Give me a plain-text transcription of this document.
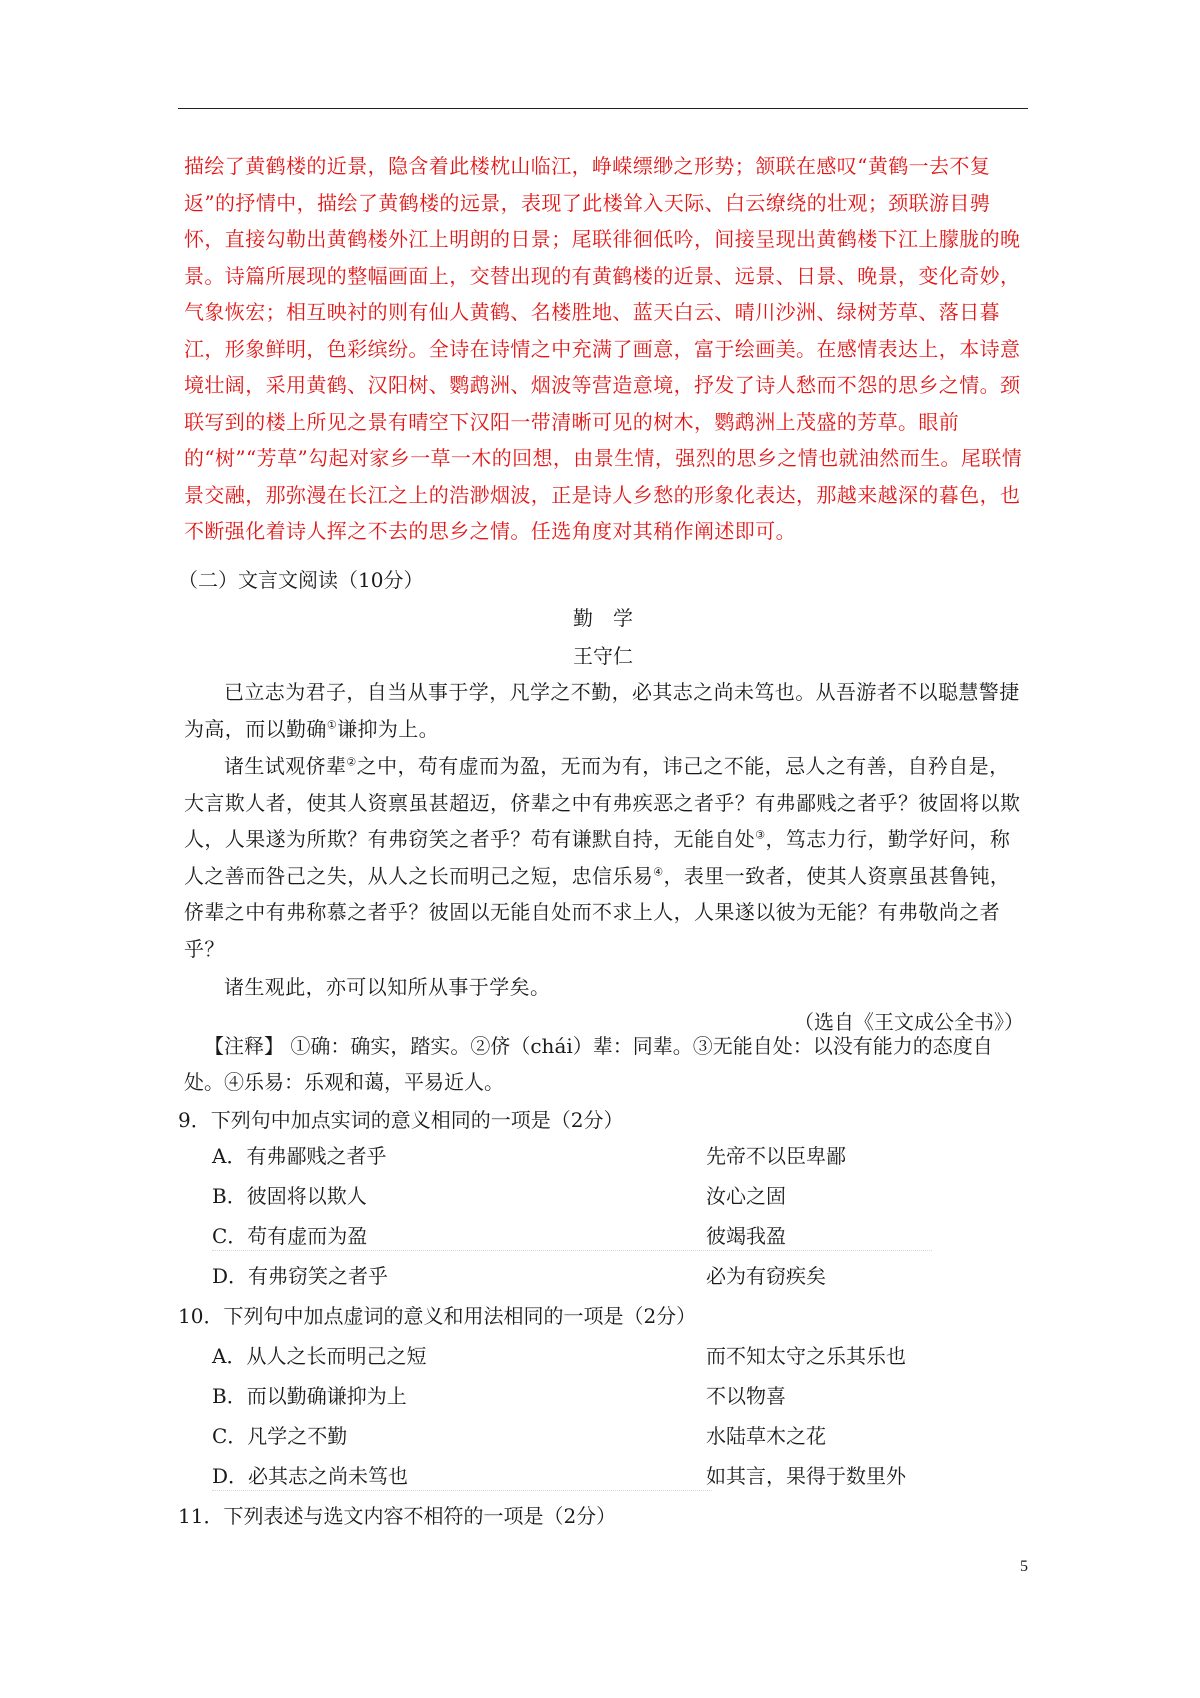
描绘了黄鹤楼的近景，隐含着此楼枕山临江，峥嵘缥缈之形势；颔联在感叹“黄鹤一去不复返”的抒情中，描绘了黄鹤楼的远景，表现了此楼耸入天际、白云缭绕的壮观；颈联游目骋怀，直接勾勒出黄鹤楼外江上明朗的日景；尾联徘徊低吟，间接呈现出黄鹤楼下江上朦胧的晚景。诗篇所展现的整幅画面上，交替出现的有黄鹤楼的近景、远景、日景、晚景，变化奇妙，气象恢宏；相互映衬的则有仙人黄鹤、名楼胜地、蓝天白云、晴川沙洲、绿树芳草、落日暮江，形象鲜明，色彩缤纷。全诗在诗情之中充满了画意，富于绘画美。在感情表达上，本诗意境壮阔，采用黄鹤、汉阳树、鹦鹉洲、烟波等营造意境，抒发了诗人愁而不怨的思乡之情。颈联写到的楼上所见之景有晴空下汉阳一带清晰可见的树木，鹦鹉洲上茂盛的芳草。眼前的“树”“芳草”勾起对家乡一草一木的回想，由景生情，强烈的思乡之情也就油然而生。尾联情景交融，那弥漫在长江之上的浩渺烟波，正是诗人乡愁的形象化表达，那越来越深的暮色，也不断强化着诗人挥之不去的思乡之情。任选角度对其稍作阐述即可。

（二）文言文阅读（10分）

勤　学

王守仁

已立志为君子，自当从事于学，凡学之不勤，必其志之尚未笃也。从吾游者不以聪慧警捷为高，而以勤确①谦抑为上。

诸生试观侪辈②之中，苟有虚而为盈，无而为有，讳己之不能，忌人之有善，自矜自是，大言欺人者，使其人资禀虽甚超迈，侪辈之中有弗疾恶之者乎？有弗鄙贱之者乎？彼固将以欺人，人果遂为所欺？有弗窃笑之者乎？苟有谦默自持，无能自处③，笃志力行，勤学好问，称人之善而咎己之失，从人之长而明己之短，忠信乐易④，表里一致者，使其人资禀虽甚鲁钝，侪辈之中有弗称慕之者乎？彼固以无能自处而不求上人，人果遂以彼为无能？有弗敬尚之者乎？

诸生观此，亦可以知所从事于学矣。

（选自《王文成公全书》）

【注释】 ①确：确实，踏实。②侪（chái）辈：同辈。③无能自处：以没有能力的态度自处。④乐易：乐观和蔼，平易近人。

9．下列句中加点实词的意义相同的一项是（2分）

A．有弗鄙贱之者乎	先帝不以臣卑鄙
B．彼固将以欺人	汝心之固
C．苟有虚而为盈	彼竭我盈
D．有弗窃笑之者乎	必为有窃疾矣

10．下列句中加点虚词的意义和用法相同的一项是（2分）

A．从人之长而明己之短	而不知太守之乐其乐也
B．而以勤确谦抑为上	不以物喜
C．凡学之不勤	水陆草木之花
D．必其志之尚未笃也	如其言，果得于数里外

11．下列表述与选文内容不相符的一项是（2分）

5
